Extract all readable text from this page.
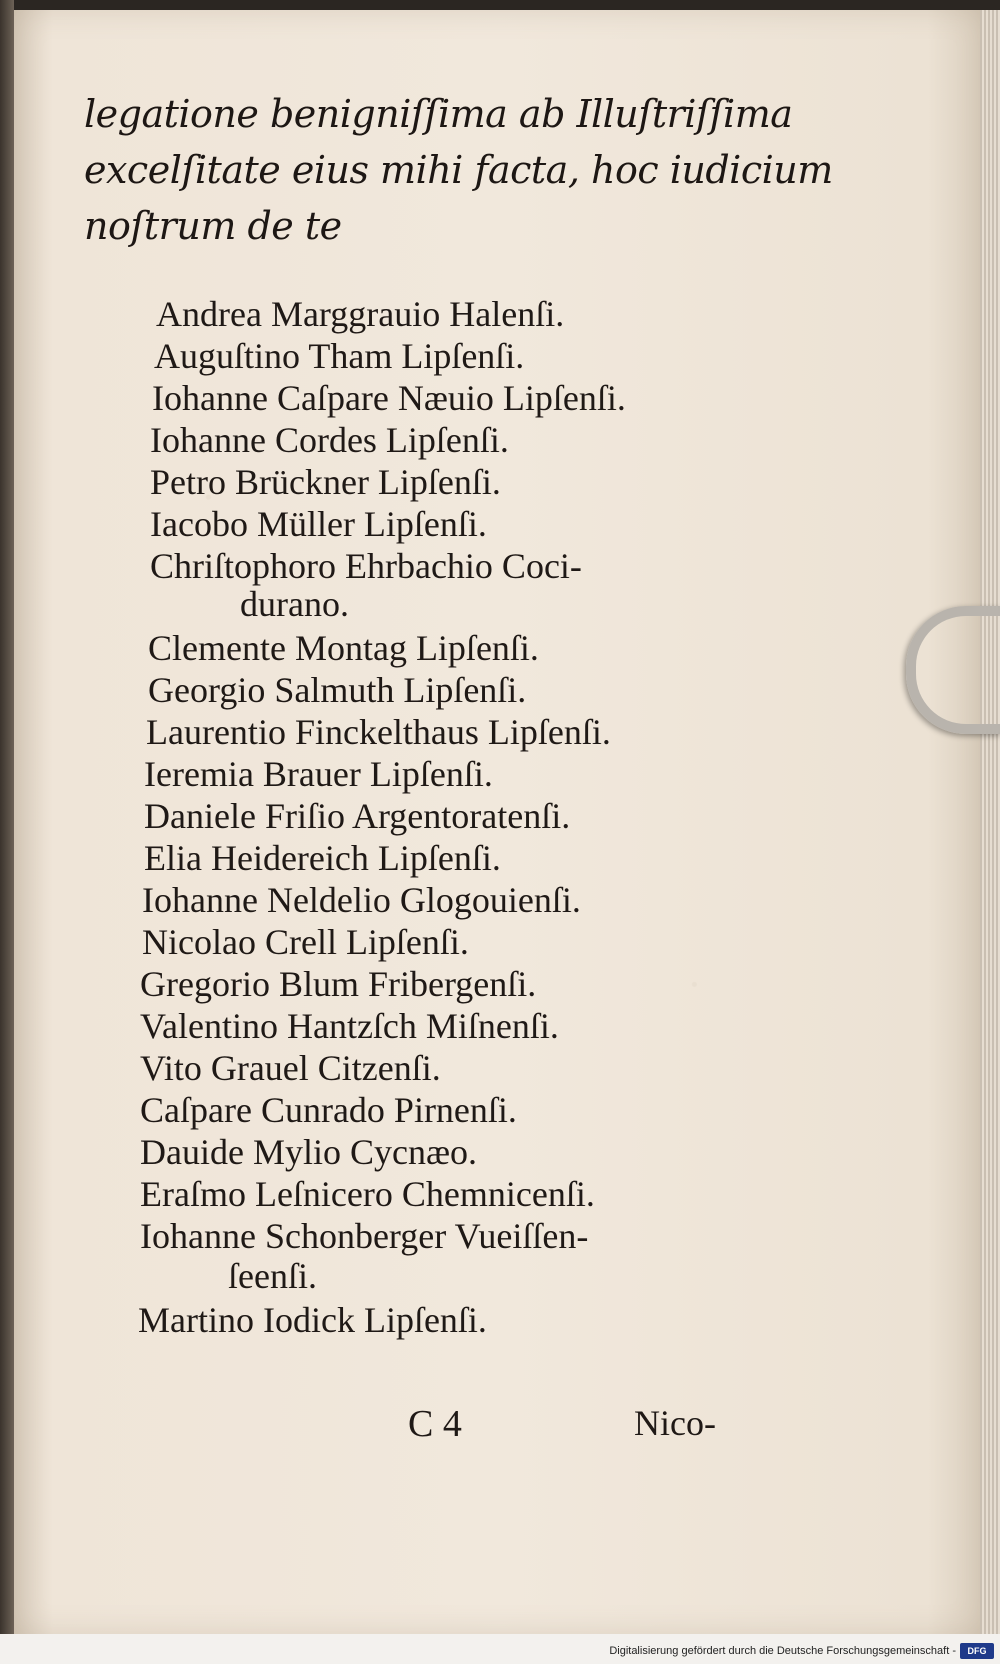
legatione benigniſſima ab Illuſtriſſima
excelſitate eius mihi facta, hoc iudicium
noſtrum de te
Andrea Marggrauio Halenſi.
Auguſtino Tham Lipſenſi.
Iohanne Caſpare Næuio Lipſenſi.
Iohanne Cordes Lipſenſi.
Petro Brückner Lipſenſi.
Iacobo Müller Lipſenſi.
Chriſtophoro Ehrbachio Coci-
durano.
Clemente Montag Lipſenſi.
Georgio Salmuth Lipſenſi.
Laurentio Finckelthaus Lipſenſi.
Ieremia Brauer Lipſenſi.
Daniele Friſio Argentoratenſi.
Elia Heidereich Lipſenſi.
Iohanne Neldelio Glogouienſi.
Nicolao Crell Lipſenſi.
Gregorio Blum Fribergenſi.
Valentino Hantzſch Miſnenſi.
Vito Grauel Citzenſi.
Caſpare Cunrado Pirnenſi.
Dauide Mylio Cycnæo.
Eraſmo Leſnicero Chemnicenſi.
Iohanne Schonberger Vueiſſen-
ſeenſi.
Martino Iodick Lipſenſi.
C 4	Nico-
Digitalisierung gefördert durch die Deutsche Forschungsgemeinschaft -	DFG
